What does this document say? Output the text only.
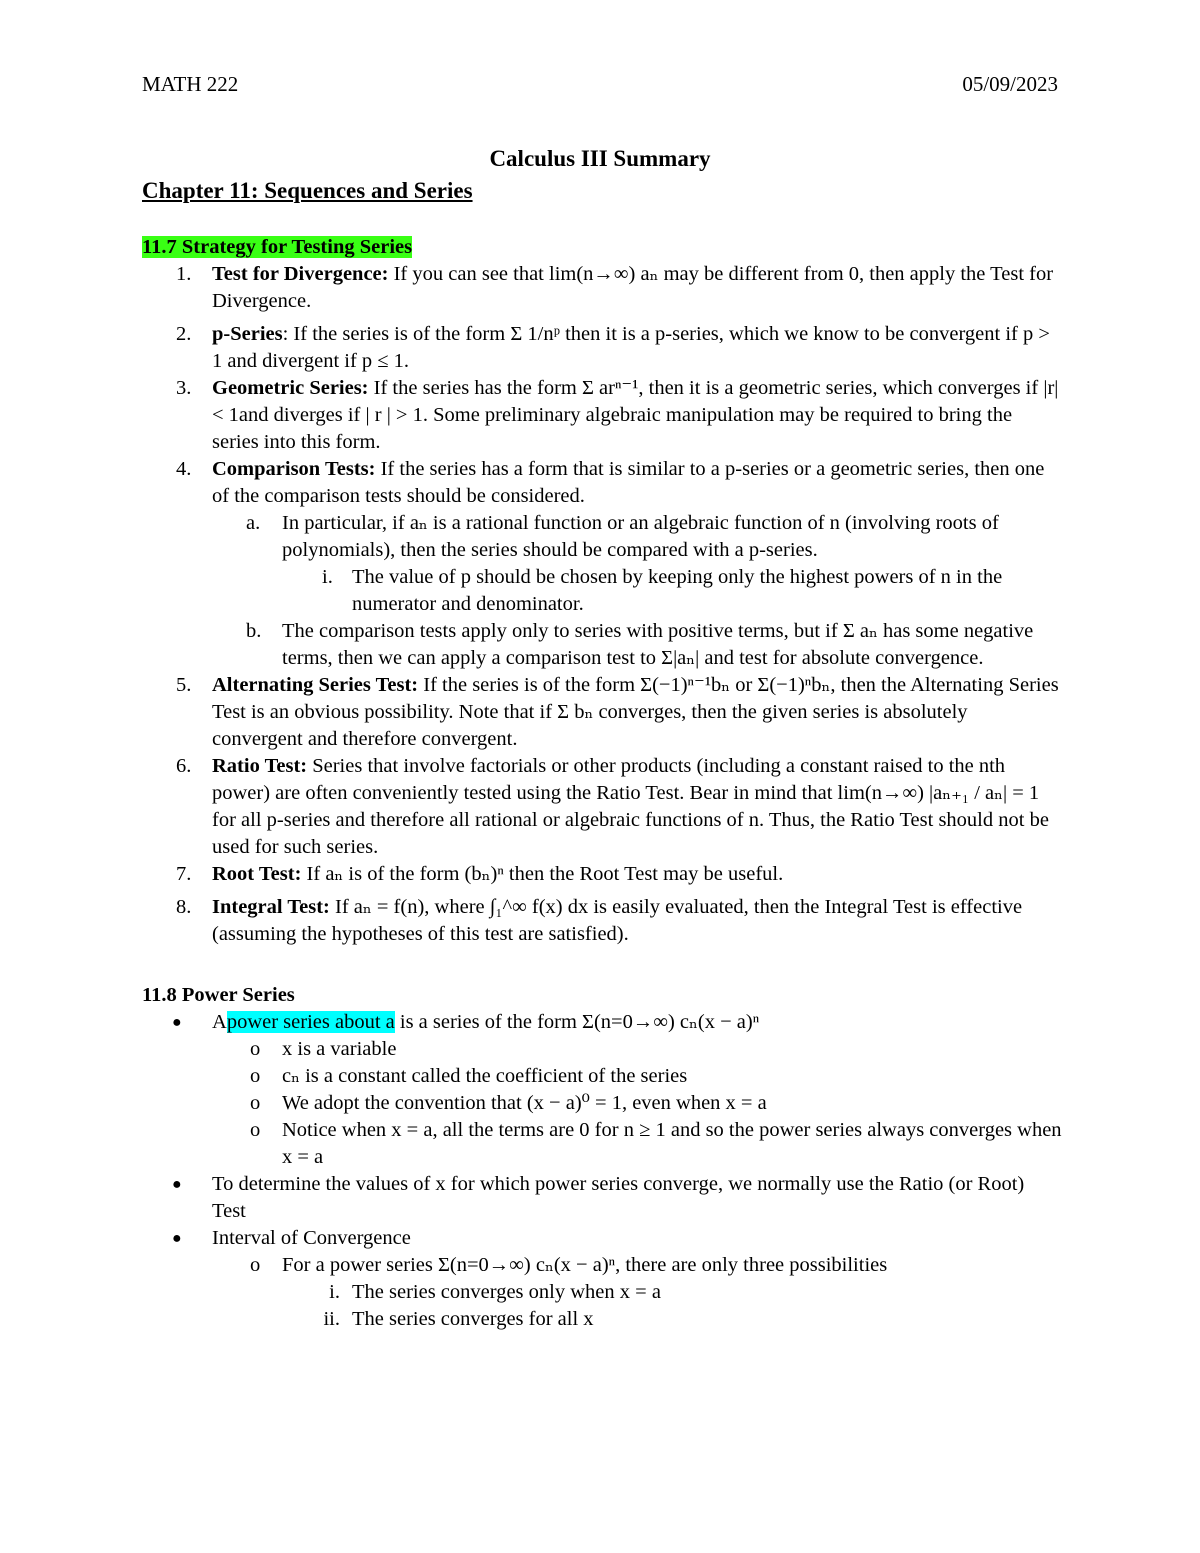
MATH 222	05/09/2023
Calculus III Summary
Chapter 11: Sequences and Series

11.7 Strategy for Testing Series

1. Test for Divergence: If you can see that lim(n→∞) aₙ may be different from 0, then apply the Test for Divergence.
2. p-Series: If the series is of the form Σ 1/nᵖ then it is a p-series, which we know to be convergent if p > 1 and divergent if p ≤ 1.
3. Geometric Series: If the series has the form Σ arⁿ⁻¹, then it is a geometric series, which converges if |r| < 1and diverges if | r | > 1. Some preliminary algebraic manipulation may be required to bring the series into this form.
4. Comparison Tests: If the series has a form that is similar to a p-series or a geometric series, then one of the comparison tests should be considered.
a. In particular, if aₙ is a rational function or an algebraic function of n (involving roots of polynomials), then the series should be compared with a p-series.
i. The value of p should be chosen by keeping only the highest powers of n in the numerator and denominator.
b. The comparison tests apply only to series with positive terms, but if Σ aₙ has some negative terms, then we can apply a comparison test to Σ|aₙ| and test for absolute convergence.
5. Alternating Series Test: If the series is of the form Σ(−1)ⁿ⁻¹bₙ or Σ(−1)ⁿbₙ, then the Alternating Series Test is an obvious possibility. Note that if Σ bₙ converges, then the given series is absolutely convergent and therefore convergent.
6. Ratio Test: Series that involve factorials or other products (including a constant raised to the nth power) are often conveniently tested using the Ratio Test. Bear in mind that lim(n→∞) |aₙ₊₁ / aₙ| = 1 for all p-series and therefore all rational or algebraic functions of n. Thus, the Ratio Test should not be used for such series.
7. Root Test: If aₙ is of the form (bₙ)ⁿ then the Root Test may be useful.
8. Integral Test: If aₙ = f(n), where ∫₁^∞ f(x) dx is easily evaluated, then the Integral Test is effective (assuming the hypotheses of this test are satisfied).

11.8 Power Series

● Apower series about a is a series of the form Σ(n=0→∞) cₙ(x − a)ⁿ
o x is a variable
o cₙ is a constant called the coefficient of the series
o We adopt the convention that (x − a)⁰ = 1, even when x = a
o Notice when x = a, all the terms are 0 for n ≥ 1 and so the power series always converges when x = a
● To determine the values of x for which power series converge, we normally use the Ratio (or Root) Test
● Interval of Convergence
o For a power series Σ(n=0→∞) cₙ(x − a)ⁿ, there are only three possibilities
i. The series converges only when x = a
ii. The series converges for all x
